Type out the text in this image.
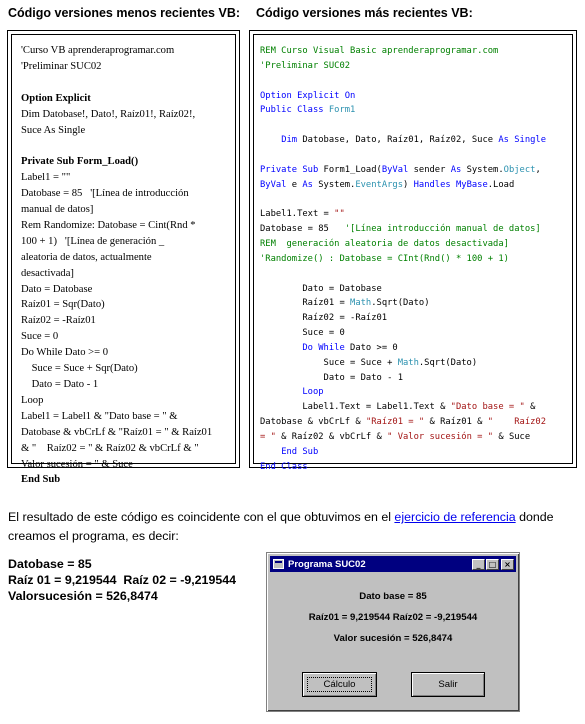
Código versiones menos recientes VB: Código versiones más recientes VB:
'Curso VB aprenderaprogramar.com
'Preliminar SUC02
Option Explicit
Dim Datobase!, Dato!, Raíz01!, Raíz02!,
Suce As Single
Private Sub Form_Load()
Label1 = ""
Datobase = 85   '[Línea de introducción
manual de datos]
Rem Randomize: Datobase = Cint(Rnd *
100 + 1)   '[Línea de generación _
aleatoria de datos, actualmente
desactivada]
Dato = Datobase
Raíz01 = Sqr(Dato)
Raíz02 = -Raíz01
Suce = 0
Do While Dato >= 0
Suce = Suce + Sqr(Dato)
Dato = Dato - 1
Loop
Label1 = Label1 & "Dato base = " &
Datobase & vbCrLf & "Raíz01 = " & Raíz01
& "    Raíz02 = " & Raíz02 & vbCrLf & "
Valor sucesión = " & Suce
End Sub
REM Curso Visual Basic aprenderaprogramar.com
'Preliminar SUC02
Option Explicit On
Public Class Form1
Dim Datobase, Dato, Raíz01, Raíz02, Suce As Single
Private Sub Form1_Load(ByVal sender As System.Object,
ByVal e As System.EventArgs) Handles MyBase.Load
Label1.Text = ""
Datobase = 85   '[Línea introducción manual de datos]
REM  generación aleatoria de datos desactivada]
'Randomize() : Datobase = CInt(Rnd() * 100 + 1)
Dato = Datobase
Raíz01 = Math.Sqrt(Dato)
Raíz02 = -Raíz01
Suce = 0
Do While Dato >= 0
Suce = Suce + Math.Sqrt(Dato)
Dato = Dato - 1
Loop
Label1.Text = Label1.Text & "Dato base = " &
Datobase & vbCrLf & "Raíz01 = " & Raíz01 & "    Raíz02
= " & Raíz02 & vbCrLf & " Valor sucesión = " & Suce
End Sub
End Class

El resultado de este código es coincidente con el que obtuvimos en el ejercicio de referencia donde creamos el programa, es decir:

Datobase = 85
Raíz 01 = 9,219544  Raíz 02 = -9,219544
Valorsucesión = 526,8474
Programa SUC02	_	□ ×
Dato base = 85
Raíz01 = 9,219544 Raíz02 = -9,219544
Valor sucesión = 526,8474
Cálculo	Salir
